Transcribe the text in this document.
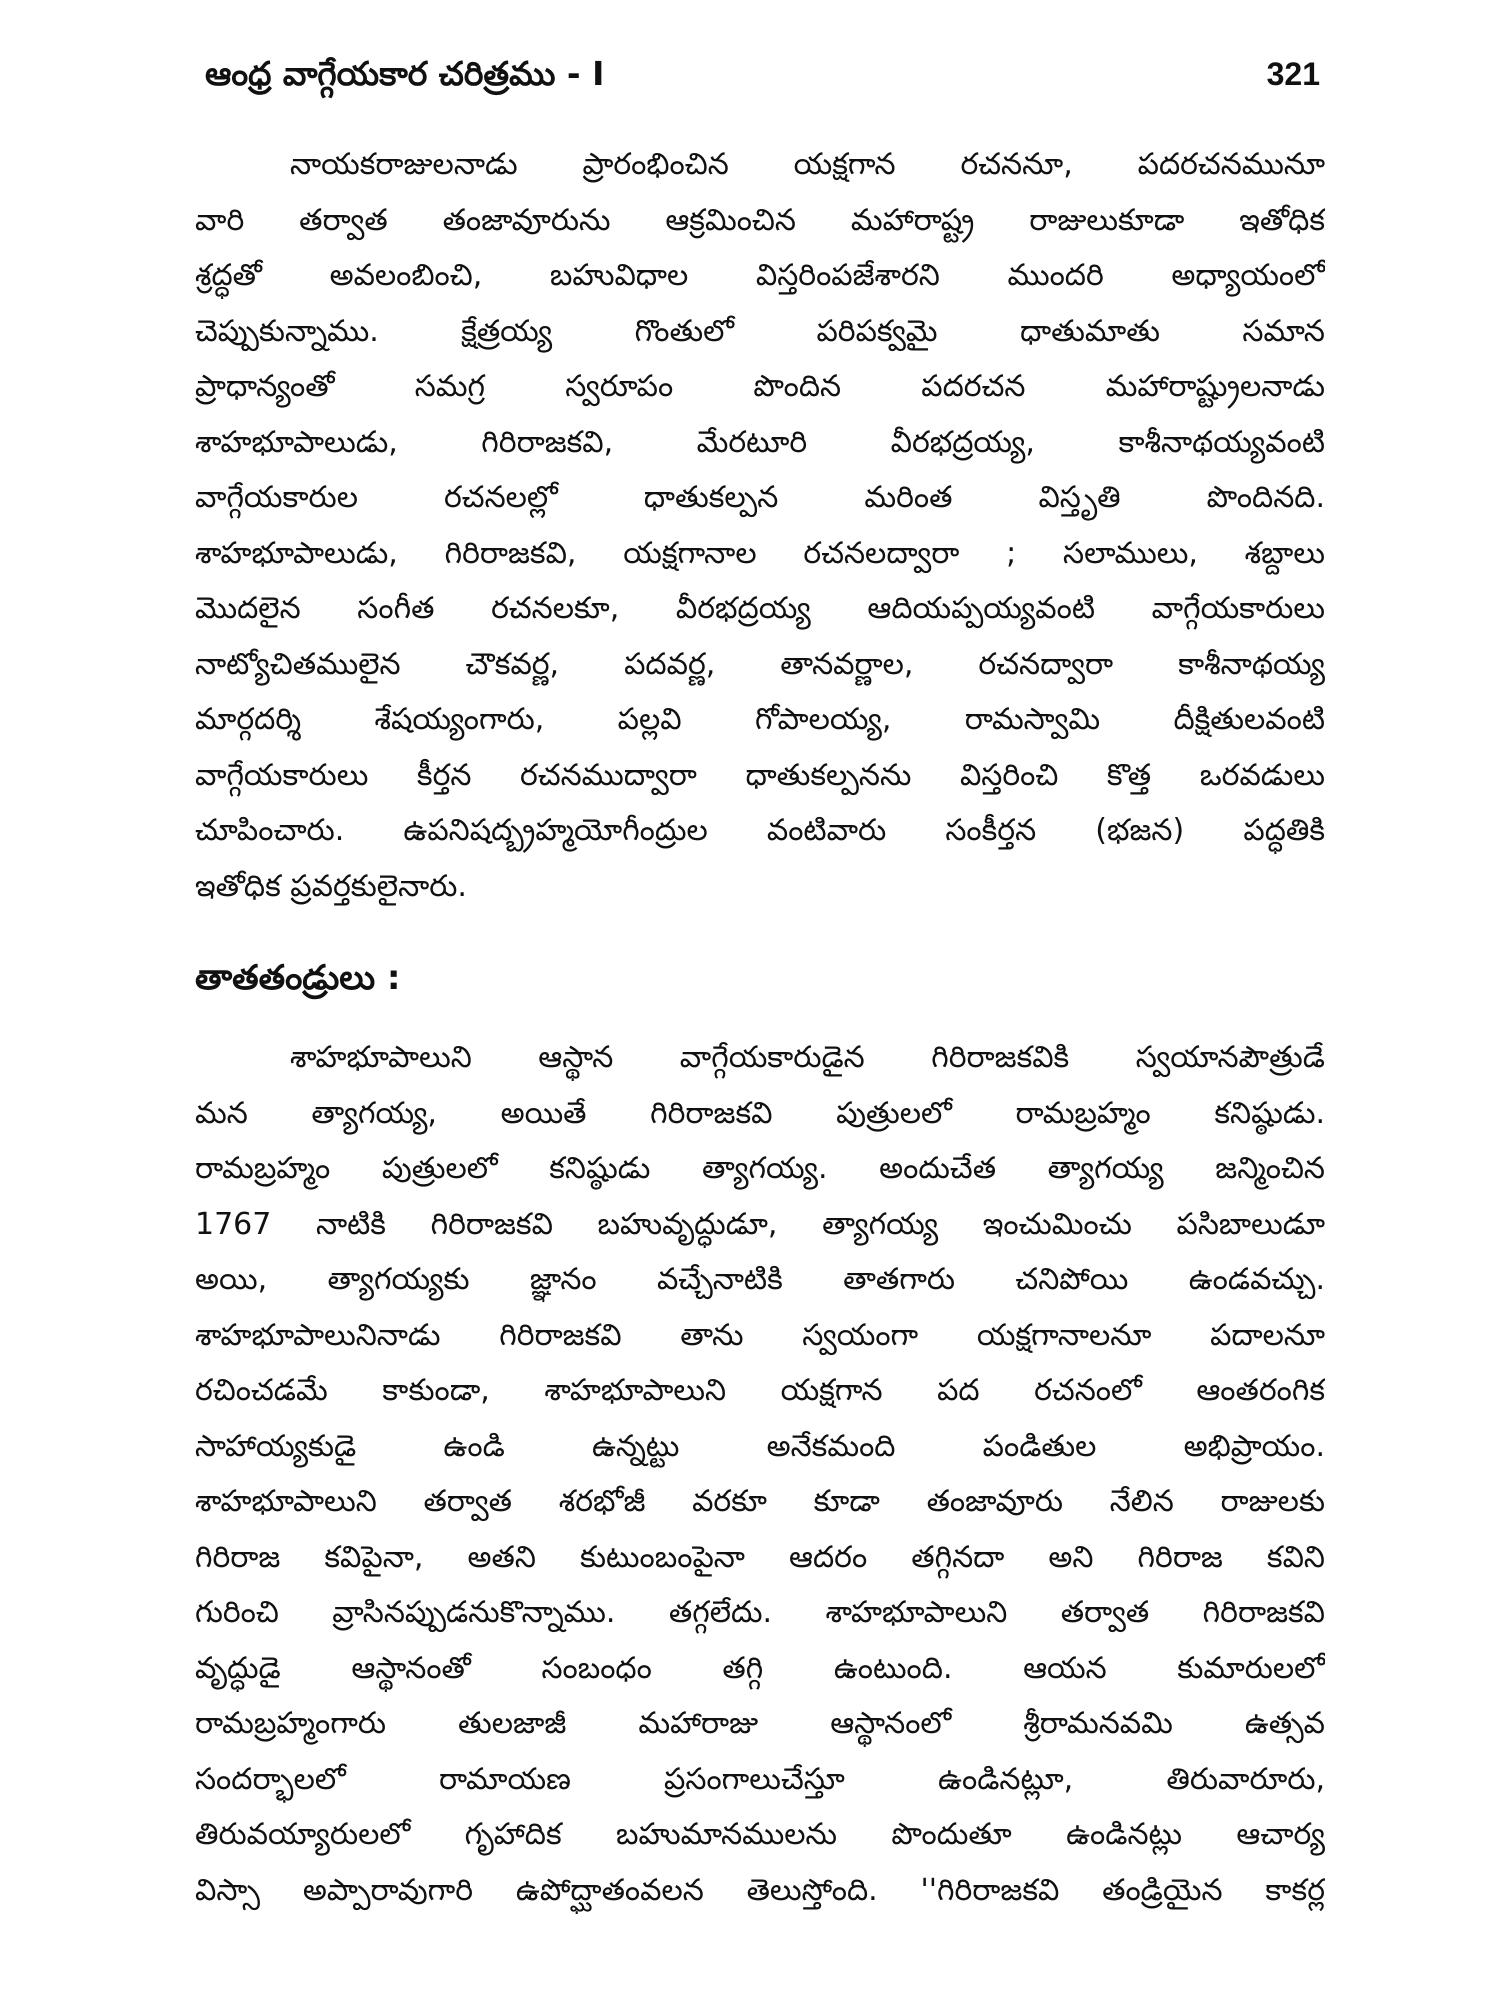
ఆంధ్ర వాగ్గేయకార చరిత్రము - I	321
నాయకరాజులనాడు ప్రారంభించిన యక్షగాన రచననూ, పదరచనమునూ
వారి తర్వాత తంజావూరును ఆక్రమించిన మహారాష్ట్ర రాజులుకూడా ఇతోధిక
శ్రద్ధతో అవలంబించి, బహువిధాల విస్తరింపజేశారని ముందరి అధ్యాయంలో
చెప్పుకున్నాము. క్షేత్రయ్య గొంతులో పరిపక్వమై ధాతుమాతు సమాన
ప్రాధాన్యంతో సమగ్ర స్వరూపం పొందిన పదరచన మహారాష్ట్రులనాడు
శాహభూపాలుడు, గిరిరాజకవి, మేరటూరి వీరభద్రయ్య, కాశీనాథయ్యవంటి
వాగ్గేయకారుల రచనలల్లో ధాతుకల్పన మరింత విస్తృతి పొందినది.
శాహభూపాలుడు, గిరిరాజకవి, యక్షగానాల రచనలద్వారా ; సలాములు, శబ్దాలు
మొదలైన సంగీత రచనలకూ, వీరభద్రయ్య ఆదియప్పయ్యవంటి వాగ్గేయకారులు
నాట్యోచితములైన చౌకవర్ణ, పదవర్ణ, తానవర్ణాల, రచనద్వారా కాశీనాథయ్య
మార్గదర్శి శేషయ్యంగారు, పల్లవి గోపాలయ్య, రామస్వామి దీక్షితులవంటి
వాగ్గేయకారులు కీర్తన రచనముద్వారా ధాతుకల్పనను విస్తరించి కొత్త ఒరవడులు
చూపించారు. ఉపనిషద్బ్రహ్మయోగీంద్రుల వంటివారు సంకీర్తన (భజన) పద్ధతికి
ఇతోధిక ప్రవర్తకులైనారు.
తాతతండ్రులు :
శాహభూపాలుని ఆస్థాన వాగ్గేయకారుడైన గిరిరాజకవికి స్వయానపౌత్రుడే
మన త్యాగయ్య, అయితే గిరిరాజకవి పుత్రులలో రామబ్రహ్మం కనిష్ఠుడు.
రామబ్రహ్మం పుత్రులలో కనిష్ఠుడు త్యాగయ్య. అందుచేత త్యాగయ్య జన్మించిన
1767 నాటికి గిరిరాజకవి బహువృద్ధుడూ, త్యాగయ్య ఇంచుమించు పసిబాలుడూ
అయి, త్యాగయ్యకు జ్ఞానం వచ్చేనాటికి తాతగారు చనిపోయి ఉండవచ్చు.
శాహభూపాలునినాడు గిరిరాజకవి తాను స్వయంగా యక్షగానాలనూ పదాలనూ
రచించడమే కాకుండా, శాహభూపాలుని యక్షగాన పద రచనంలో ఆంతరంగిక
సాహాయ్యకుడై ఉండి ఉన్నట్టు అనేకమంది పండితుల అభిప్రాయం.
శాహభూపాలుని తర్వాత శరభోజీ వరకూ కూడా తంజావూరు నేలిన రాజులకు
గిరిరాజ కవిపైనా, అతని కుటుంబంపైనా ఆదరం తగ్గినదా అని గిరిరాజ కవిని
గురించి వ్రాసినప్పుడనుకొన్నాము. తగ్గలేదు. శాహభూపాలుని తర్వాత గిరిరాజకవి
వృద్ధుడై ఆస్థానంతో సంబంధం తగ్గి ఉంటుంది. ఆయన కుమారులలో
రామబ్రహ్మంగారు తులజాజీ మహారాజు ఆస్థానంలో శ్రీరామనవమి ఉత్సవ
సందర్భాలలో రామాయణ ప్రసంగాలుచేస్తూ ఉండినట్లూ, తిరువారూరు,
తిరువయ్యారులలో గృహాదిక బహుమానములను పొందుతూ ఉండినట్లు ఆచార్య
విస్సా అప్పారావుగారి ఉపోద్ఘాతంవలన తెలుస్తోంది. ''గిరిరాజకవి తండ్రియైన కాకర్ల
